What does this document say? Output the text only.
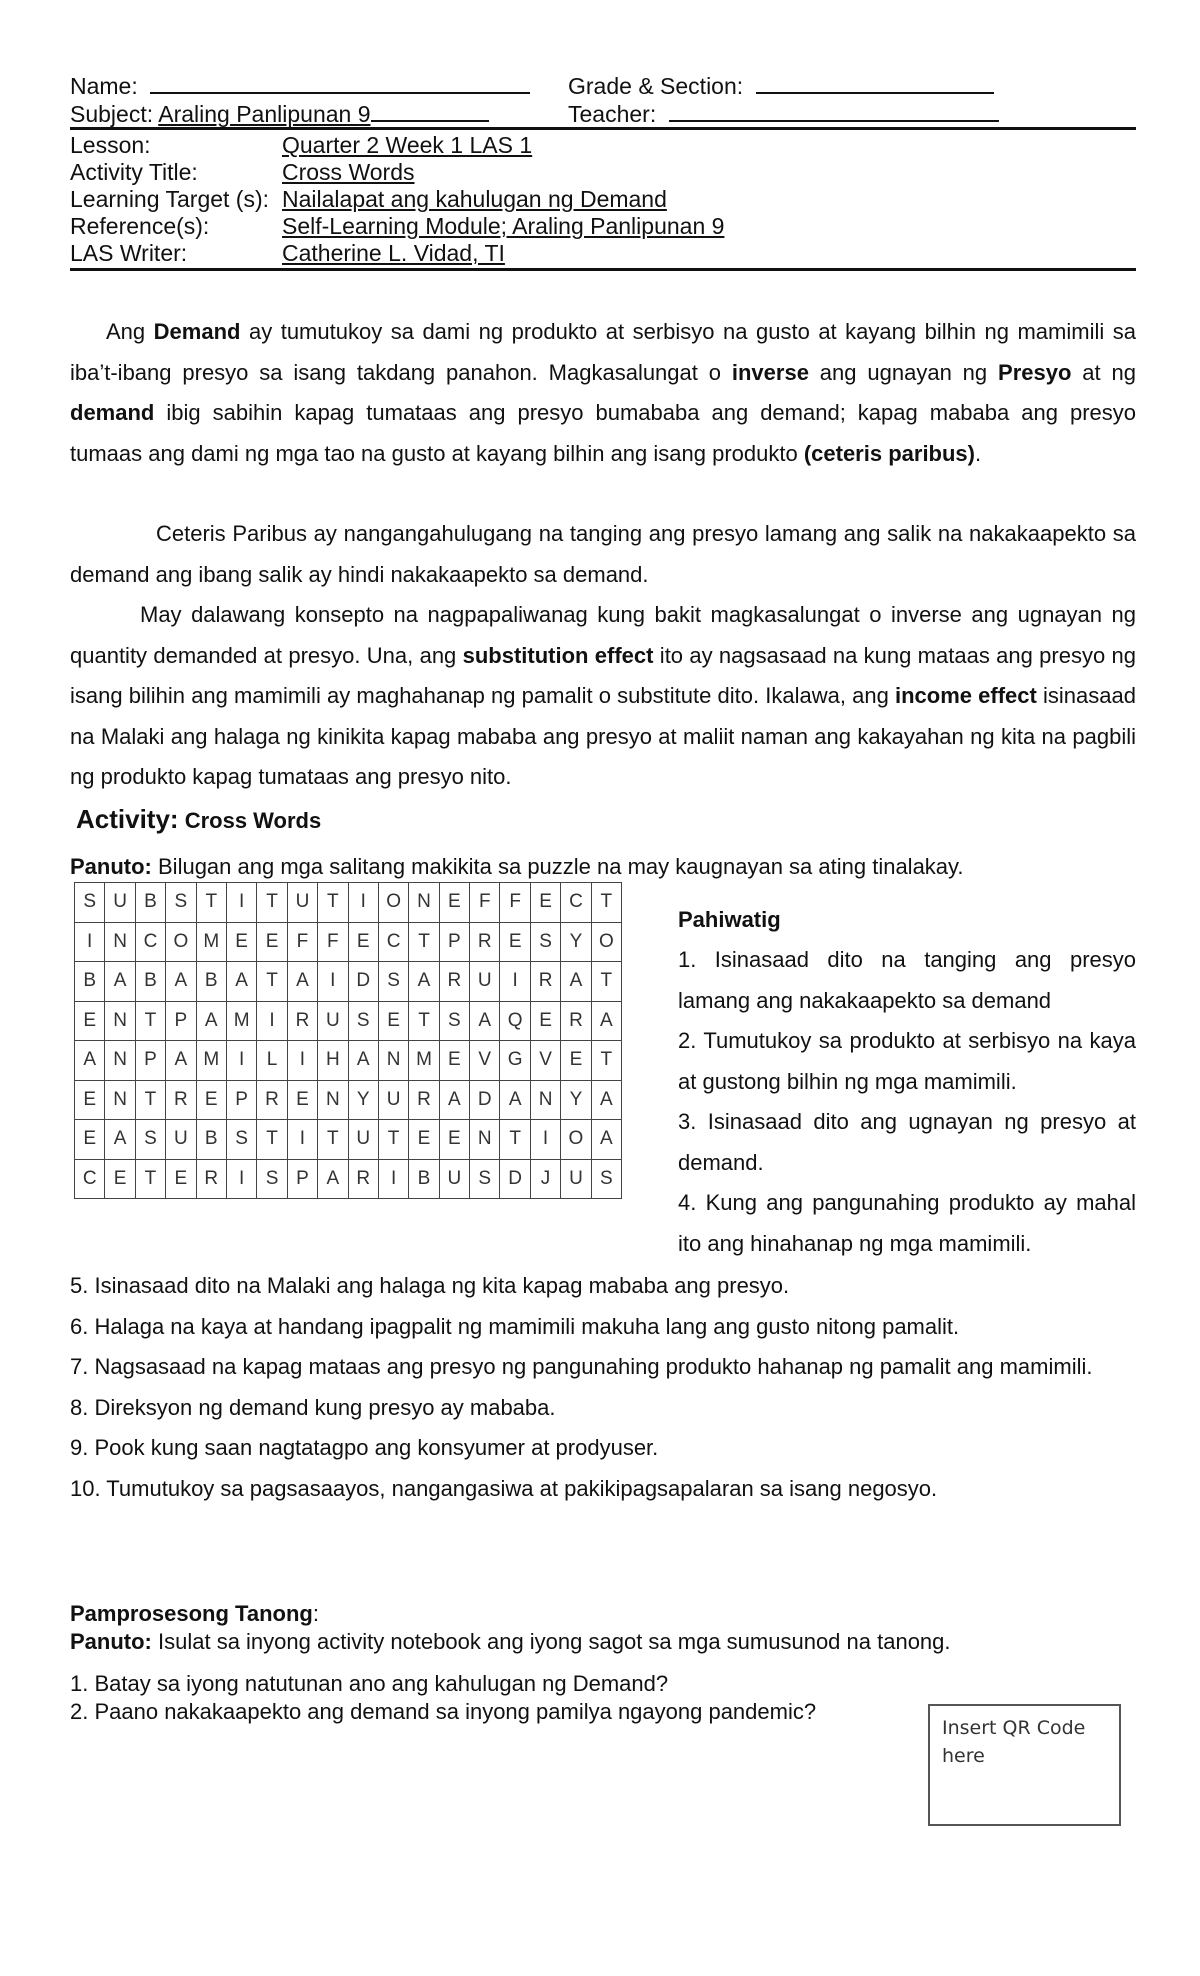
Name:	Grade & Section:
Subject: Araling Panlipunan 9	Teacher:
Lesson:	Quarter 2 Week 1 LAS 1
Activity Title:	Cross Words
Learning Target (s): Nailalapat ang kahulugan ng Demand
Reference(s):	Self-Learning Module; Araling Panlipunan 9
LAS Writer:	Catherine L. Vidad, TI

Ang Demand ay tumutukoy sa dami ng produkto at serbisyo na gusto at kayang bilhin ng mamimili sa iba’t-ibang presyo sa isang takdang panahon. Magkasalungat o inverse ang ugnayan ng Presyo at ng demand ibig sabihin kapag tumataas ang presyo bumababa ang demand; kapag mababa ang presyo tumaas ang dami ng mga tao na gusto at kayang bilhin ang isang produkto (ceteris paribus).

Ceteris Paribus ay nangangahulugang na tanging ang presyo lamang ang salik na nakakaapekto sa demand ang ibang salik ay hindi nakakaapekto sa demand.

May dalawang konsepto na nagpapaliwanag kung bakit magkasalungat o inverse ang ugnayan ng quantity demanded at presyo. Una, ang substitution effect ito ay nagsasaad na kung mataas ang presyo ng isang bilihin ang mamimili ay maghahanap ng pamalit o substitute dito. Ikalawa, ang income effect isinasaad na Malaki ang halaga ng kinikita kapag mababa ang presyo at maliit naman ang kakayahan ng kita na pagbili ng produkto kapag tumataas ang presyo nito.

Activity: Cross Words
Panuto: Bilugan ang mga salitang makikita sa puzzle na may kaugnayan sa ating tinalakay.
S	U	B	S	T	I	T	U	T	I	O	N	E	F	F	E	C	T
I	N	C	O	M	E	E	F	F	E	C	T	P	R	E	S	Y	O
B	A	B	A	B	A	T	A	I	D	S	A	R	U	I	R	A	T
E	N	T	P	A	M	I	R	U	S	E	T	S	A	Q	E	R	A
A	N	P	A	M	I	L	I	H	A	N	M	E	V	G	V	E	T
E	N	T	R	E	P	R	E	N	Y	U	R	A	D	A	N	Y	A
E	A	S	U	B	S	T	I	T	U	T	E	E	N	T	I	O	A
C	E	T	E	R	I	S	P	A	R	I	B	U	S	D	J	U	S

Pahiwatig

1. Isinasaad dito na tanging ang presyo lamang ang nakakaapekto sa demand

2. Tumutukoy sa produkto at serbisyo na kaya at gustong bilhin ng mga mamimili.

3. Isinasaad dito ang ugnayan ng presyo at demand.

4. Kung ang pangunahing produkto ay mahal ito ang hinahanap ng mga mamimili.

5. Isinasaad dito na Malaki ang halaga ng kita kapag mababa ang presyo.
6. Halaga na kaya at handang ipagpalit ng mamimili makuha lang ang gusto nitong pamalit.
7. Nagsasaad na kapag mataas ang presyo ng pangunahing produkto hahanap ng pamalit ang mamimili.
8. Direksyon ng demand kung presyo ay mababa.
9. Pook kung saan nagtatagpo ang konsyumer at prodyuser.
10. Tumutukoy sa pagsasaayos, nangangasiwa at pakikipagsapalaran sa isang negosyo.
Pamprosesong Tanong:
Panuto: Isulat sa inyong activity notebook ang iyong sagot sa mga sumusunod na tanong.
1. Batay sa iyong natutunan ano ang kahulugan ng Demand?
2. Paano nakakaapekto ang demand sa inyong pamilya ngayong pandemic?
Insert QR Code
here
